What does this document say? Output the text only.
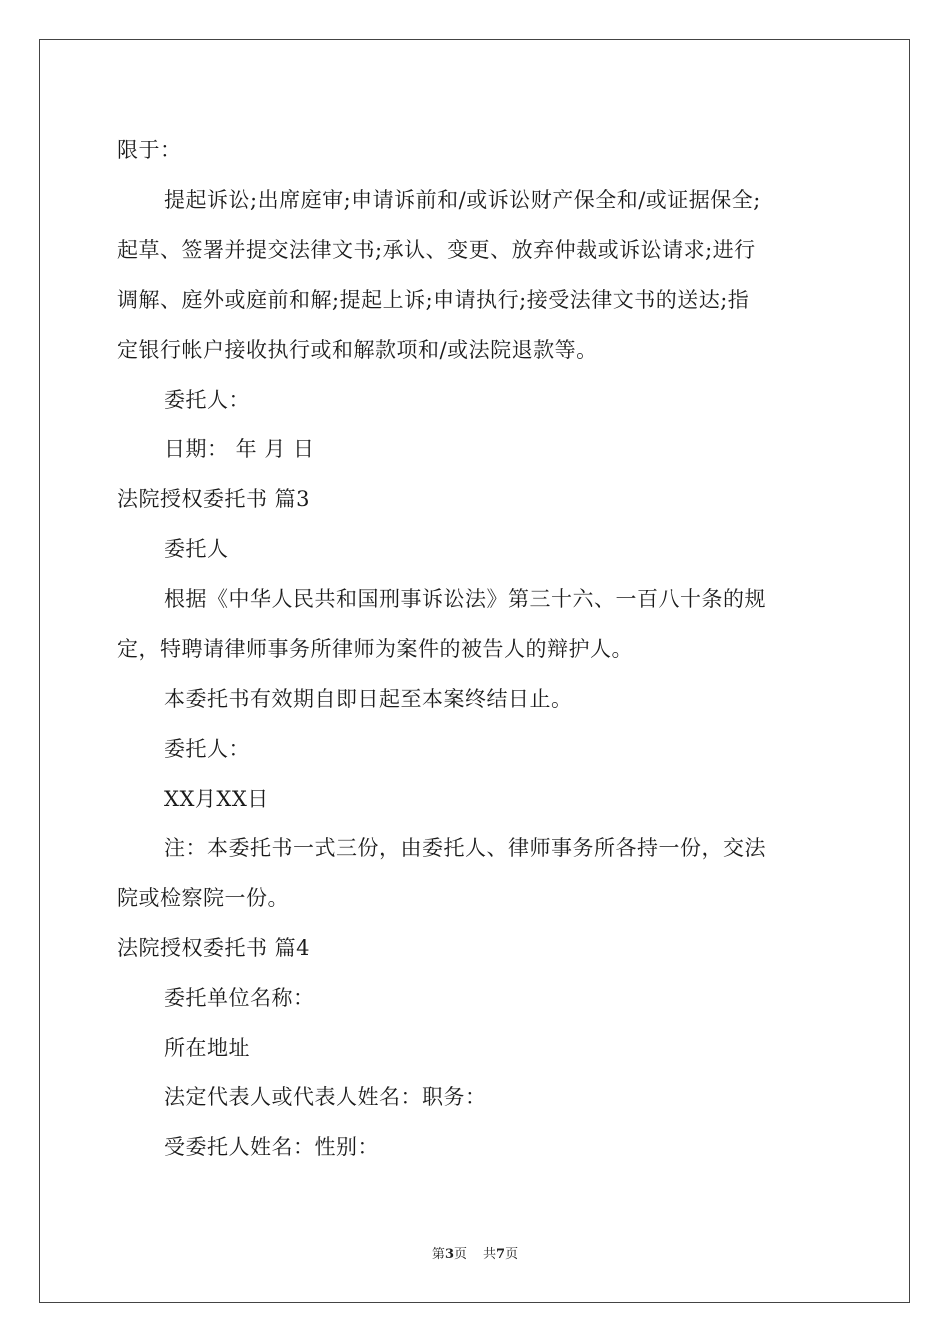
限于：
提起诉讼;出席庭审;申请诉前和/或诉讼财产保全和/或证据保全;
起草、签署并提交法律文书;承认、变更、放弃仲裁或诉讼请求;进行
调解、庭外或庭前和解;提起上诉;申请执行;接受法律文书的送达;指
定银行帐户接收执行或和解款项和/或法院退款等。
委托人：
日期： 年 月 日
法院授权委托书 篇3
委托人
根据《中华人民共和国刑事诉讼法》第三十六、一百八十条的规
定，特聘请律师事务所律师为案件的被告人的辩护人。
本委托书有效期自即日起至本案终结日止。
委托人：
XX月XX日
注：本委托书一式三份，由委托人、律师事务所各持一份，交法
院或检察院一份。
法院授权委托书 篇4
委托单位名称：
所在地址
法定代表人或代表人姓名：职务：
受委托人姓名：性别：
第3页 共7页
